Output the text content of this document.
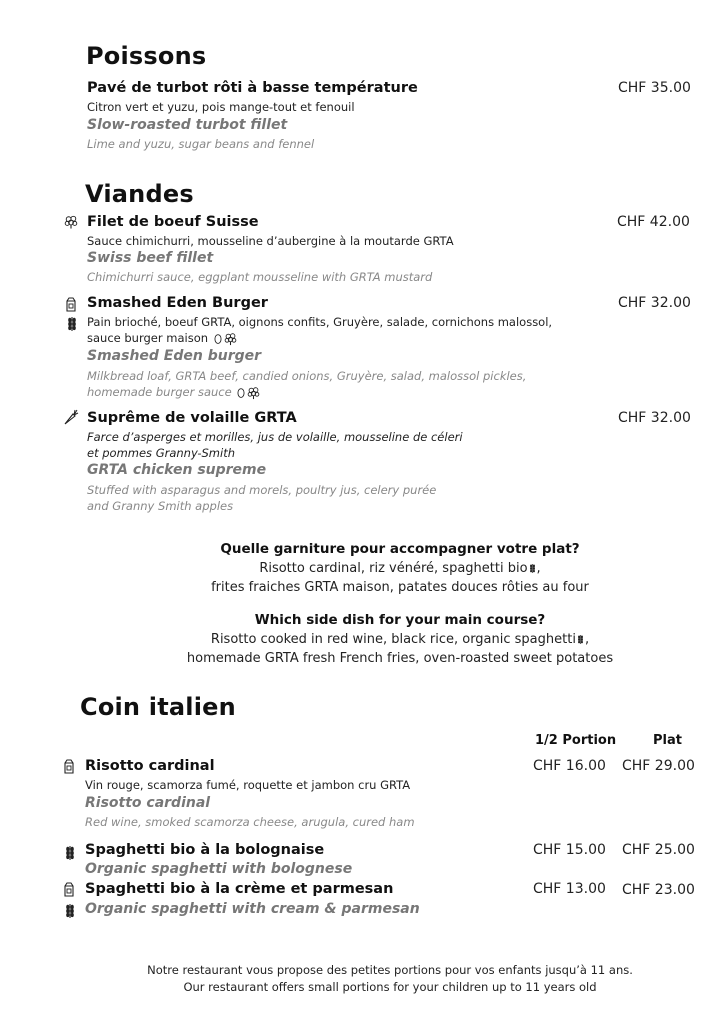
Poissons
Pavé de turbot rôti à basse température	CHF 35.00
Citron vert et yuzu, pois mange-tout et fenouil
Slow-roasted turbot fillet
Lime and yuzu, sugar beans and fennel
Viandes
Filet de boeuf Suisse	CHF 42.00
Sauce chimichurri, mousseline d’aubergine à la moutarde GRTA
Swiss beef fillet
Chimichurri sauce, eggplant mousseline with GRTA mustard
Smashed Eden Burger	CHF 32.00
Pain brioché, boeuf GRTA, oignons confits, Gruyère, salade, cornichons malossol,
sauce burger maison
Smashed Eden burger
Milkbread loaf, GRTA beef, candied onions, Gruyère, salad, malossol pickles,
homemade burger sauce
Suprême de volaille GRTA	CHF 32.00
Farce d’asperges et morilles, jus de volaille, mousseline de céleri
et pommes Granny-Smith
GRTA chicken supreme
Stuffed with asparagus and morels, poultry jus, celery purée
and Granny Smith apples
Quelle garniture pour accompagner votre plat?
Risotto cardinal, riz vénéré, spaghetti bio ,
frites fraiches GRTA maison, patates douces rôties au four
Which side dish for your main course?
Risotto cooked in red wine, black rice, organic spaghetti ,
homemade GRTA fresh French fries, oven-roasted sweet potatoes
Coin italien
1/2 Portion	Plat
Risotto cardinal	CHF 16.00 CHF 29.00
Vin rouge, scamorza fumé, roquette et jambon cru GRTA
Risotto cardinal
Red wine, smoked scamorza cheese, arugula, cured ham
Spaghetti bio à la bolognaise	CHF 15.00 CHF 25.00
Organic spaghetti with bolognese
Spaghetti bio à la crème et parmesan	CHF 13.00 CHF 23.00
Organic spaghetti with cream & parmesan
Notre restaurant vous propose des petites portions pour vos enfants jusqu’à 11 ans.
Our restaurant offers small portions for your children up to 11 years old
